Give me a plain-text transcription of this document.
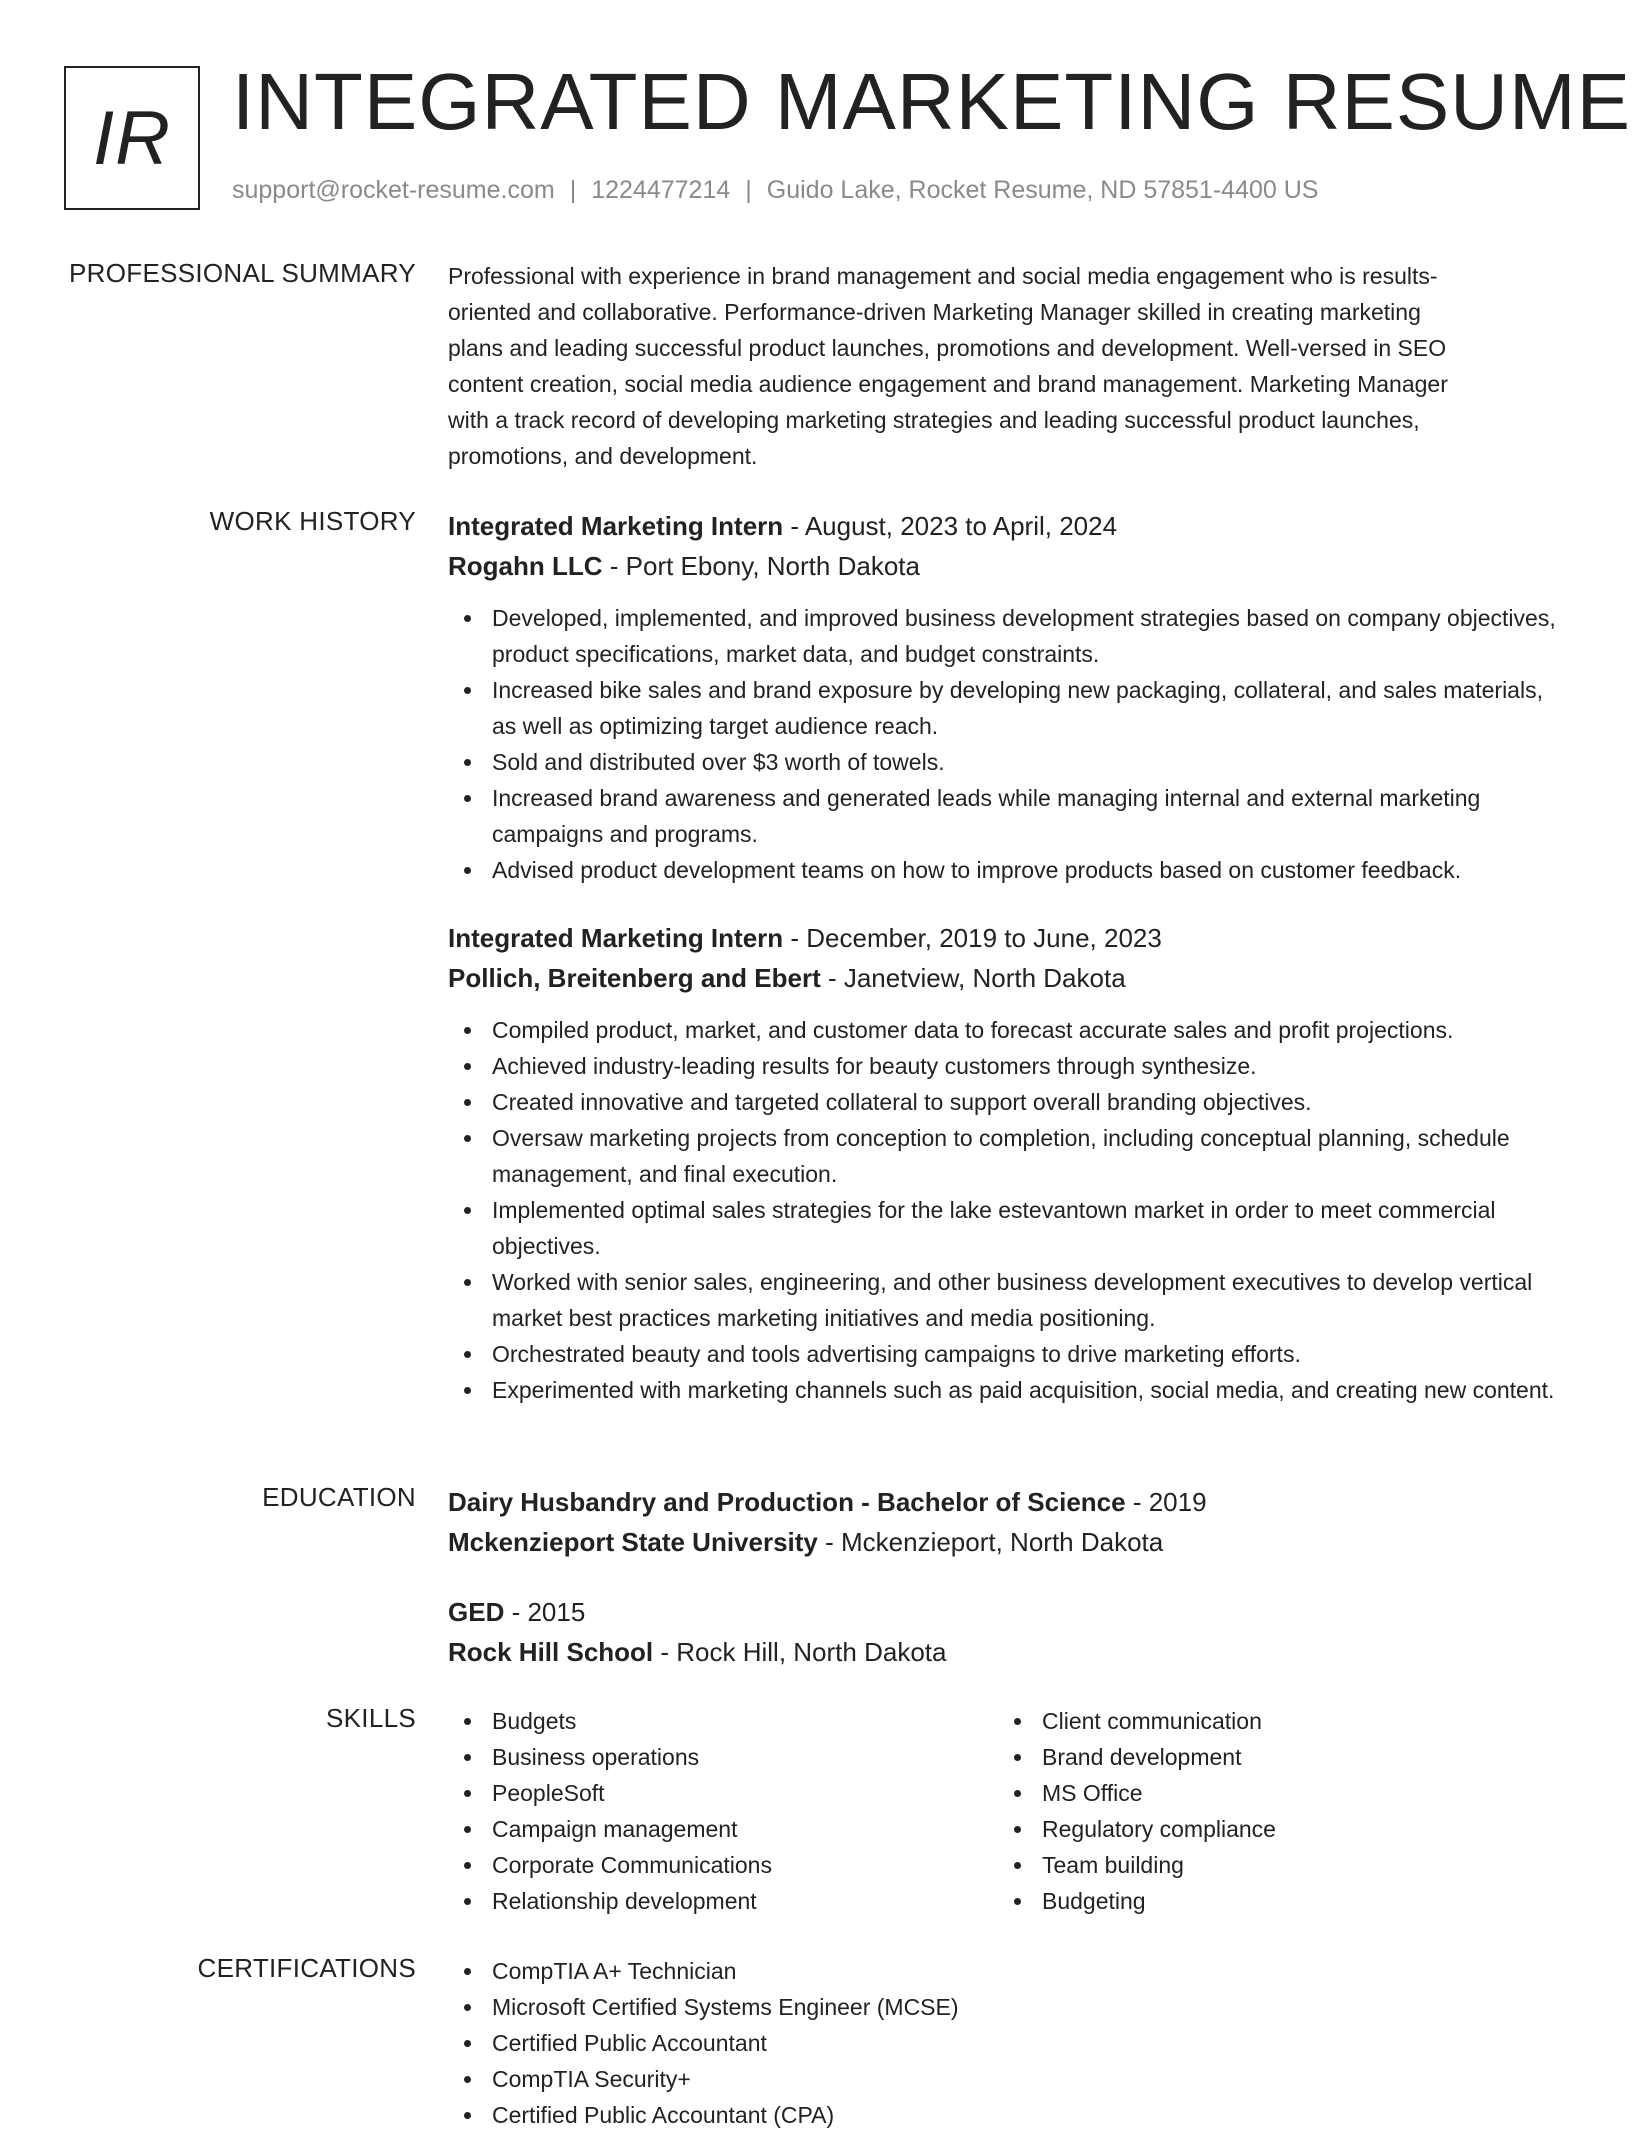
IR INTEGRATED MARKETING RESUME
support@rocket-resume.com | 1224477214 | Guido Lake, Rocket Resume, ND 57851-4400 US
PROFESSIONAL SUMMARY Professional with experience in brand management and social media engagement who is results-
oriented and collaborative. Performance-driven Marketing Manager skilled in creating marketing
plans and leading successful product launches, promotions and development. Well-versed in SEO
content creation, social media audience engagement and brand management. Marketing Manager
with a track record of developing marketing strategies and leading successful product launches,
promotions, and development.
WORK HISTORY Integrated Marketing Intern - August, 2023 to April, 2024
Rogahn LLC - Port Ebony, North Dakota
Developed, implemented, and improved business development strategies based on company objectives, product specifications, market data, and budget constraints.
Increased bike sales and brand exposure by developing new packaging, collateral, and sales materials, as well as optimizing target audience reach.
Sold and distributed over $3 worth of towels.
Increased brand awareness and generated leads while managing internal and external marketing campaigns and programs.
Advised product development teams on how to improve products based on customer feedback.
Integrated Marketing Intern - December, 2019 to June, 2023
Pollich, Breitenberg and Ebert - Janetview, North Dakota
Compiled product, market, and customer data to forecast accurate sales and profit projections.
Achieved industry-leading results for beauty customers through synthesize.
Created innovative and targeted collateral to support overall branding objectives.
Oversaw marketing projects from conception to completion, including conceptual planning, schedule management, and final execution.
Implemented optimal sales strategies for the lake estevantown market in order to meet commercial objectives.
Worked with senior sales, engineering, and other business development executives to develop vertical market best practices marketing initiatives and media positioning.
Orchestrated beauty and tools advertising campaigns to drive marketing efforts.
Experimented with marketing channels such as paid acquisition, social media, and creating new content.
EDUCATION Dairy Husbandry and Production - Bachelor of Science - 2019
Mckenzieport State University - Mckenzieport, North Dakota
GED - 2015
Rock Hill School - Rock Hill, North Dakota
SKILLS	Budgets
Business operations
PeopleSoft
Campaign management
Corporate Communications
Relationship development
Client communication
Brand development
MS Office
Regulatory compliance
Team building
Budgeting
CERTIFICATIONS	CompTIA A+ Technician
Microsoft Certified Systems Engineer (MCSE)
Certified Public Accountant
CompTIA Security+
Certified Public Accountant (CPA)
